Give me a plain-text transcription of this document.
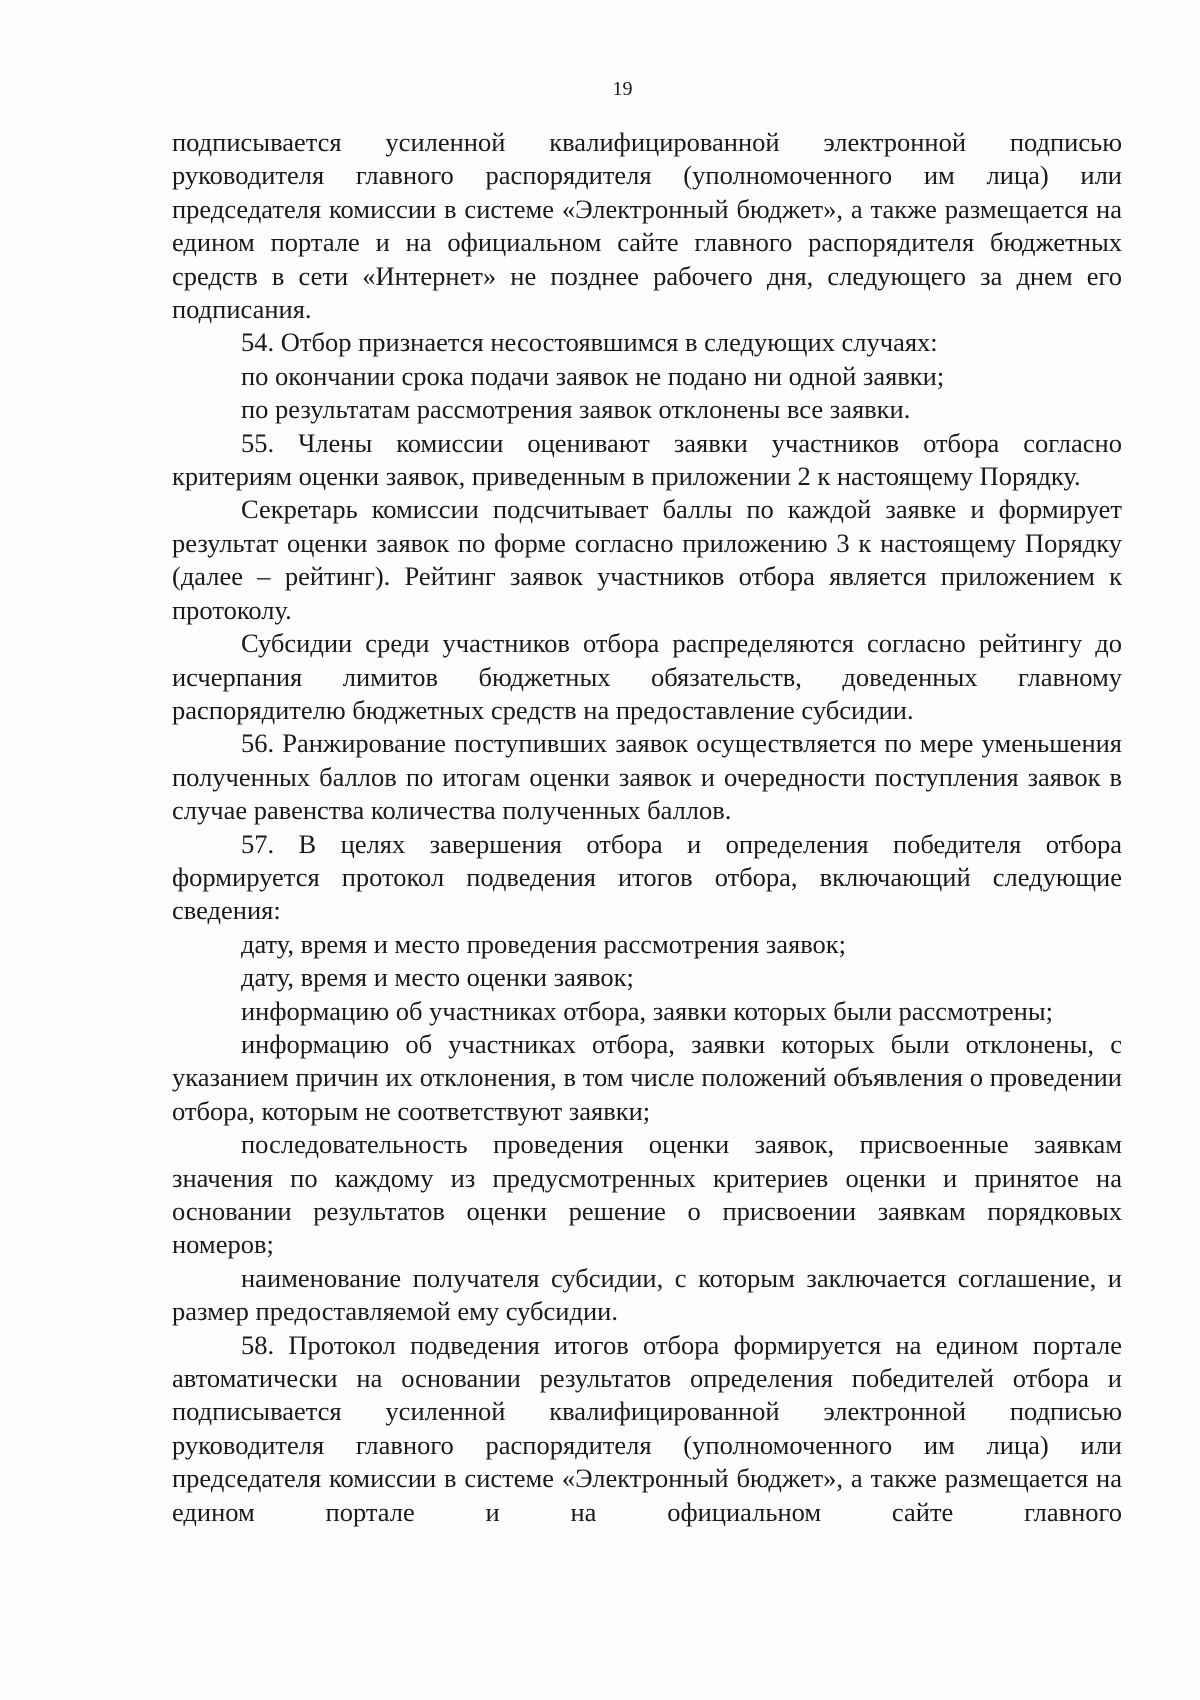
19

подписывается усиленной квалифицированной электронной подписью руководителя главного распорядителя (уполномоченного им лица) или председателя комиссии в системе «Электронный бюджет», а также размещается на едином портале и на официальном сайте главного распорядителя бюджетных средств в сети «Интернет» не позднее рабочего дня, следующего за днем его подписания.

54. Отбор признается несостоявшимся в следующих случаях:

по окончании срока подачи заявок не подано ни одной заявки;

по результатам рассмотрения заявок отклонены все заявки.

55. Члены комиссии оценивают заявки участников отбора согласно критериям оценки заявок, приведенным в приложении 2 к настоящему Порядку.

Секретарь комиссии подсчитывает баллы по каждой заявке и формирует результат оценки заявок по форме согласно приложению 3 к настоящему Порядку (далее – рейтинг). Рейтинг заявок участников отбора является приложением к протоколу.

Субсидии среди участников отбора распределяются согласно рейтингу до исчерпания лимитов бюджетных обязательств, доведенных главному распорядителю бюджетных средств на предоставление субсидии.

56. Ранжирование поступивших заявок осуществляется по мере уменьшения полученных баллов по итогам оценки заявок и очередности поступления заявок в случае равенства количества полученных баллов.

57. В целях завершения отбора и определения победителя отбора формируется протокол подведения итогов отбора, включающий следующие сведения:

дату, время и место проведения рассмотрения заявок;

дату, время и место оценки заявок;

информацию об участниках отбора, заявки которых были рассмотрены;

информацию об участниках отбора, заявки которых были отклонены, с указанием причин их отклонения, в том числе положений объявления о проведении отбора, которым не соответствуют заявки;

последовательность проведения оценки заявок, присвоенные заявкам значения по каждому из предусмотренных критериев оценки и принятое на основании результатов оценки решение о присвоении заявкам порядковых номеров;

наименование получателя субсидии, с которым заключается соглашение, и размер предоставляемой ему субсидии.

58. Протокол подведения итогов отбора формируется на едином портале автоматически на основании результатов определения победителей отбора и подписывается усиленной квалифицированной электронной подписью руководителя главного распорядителя (уполномоченного им лица) или председателя комиссии в системе «Электронный бюджет», а также размещается на едином портале и на официальном сайте главного
